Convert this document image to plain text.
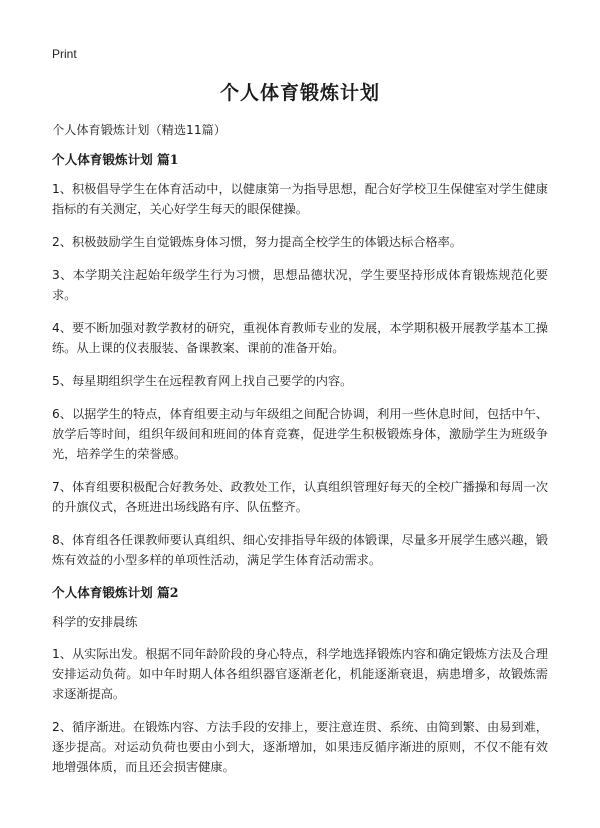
Print
个人体育锻炼计划

个人体育锻炼计划（精选11篇）

个人体育锻炼计划 篇1

1、积极倡导学生在体育活动中，以健康第一为指导思想，配合好学校卫生保健室对学生健康指标的有关测定，关心好学生每天的眼保健操。

2、积极鼓励学生自觉锻炼身体习惯，努力提高全校学生的体锻达标合格率。

3、本学期关注起始年级学生行为习惯，思想品德状况，学生要坚持形成体育锻炼规范化要求。

4、要不断加强对教学教材的研究，重视体育教师专业的发展，本学期积极开展教学基本工操练。从上课的仪表服装、备课教案、课前的准备开始。

5、每星期组织学生在远程教育网上找自己要学的内容。

6、以据学生的特点，体育组要主动与年级组之间配合协调，利用一些休息时间，包括中午、放学后等时间，组织年级间和班间的体育竞赛，促进学生积极锻炼身体，激励学生为班级争光，培养学生的荣誉感。

7、体育组要积极配合好教务处、政教处工作，认真组织管理好每天的全校广播操和每周一次的升旗仪式，各班进出场线路有序、队伍整齐。

8、体育组各任课教师要认真组织、细心安排指导年级的体锻课，尽量多开展学生感兴趣，锻炼有效益的小型多样的单项性活动，满足学生体育活动需求。

个人体育锻炼计划 篇2

科学的安排晨练

1、从实际出发。根据不同年龄阶段的身心特点，科学地选择锻炼内容和确定锻炼方法及合理安排运动负荷。如中年时期人体各组织器官逐渐老化，机能逐渐衰退，病患增多，故锻炼需求逐渐提高。

2、循序渐进。在锻炼内容、方法手段的安排上，要注意连贯、系统、由简到繁、由易到难，逐步提高。对运动负荷也要由小到大，逐渐增加，如果违反循序渐进的原则，不仅不能有效地增强体质，而且还会损害健康。
